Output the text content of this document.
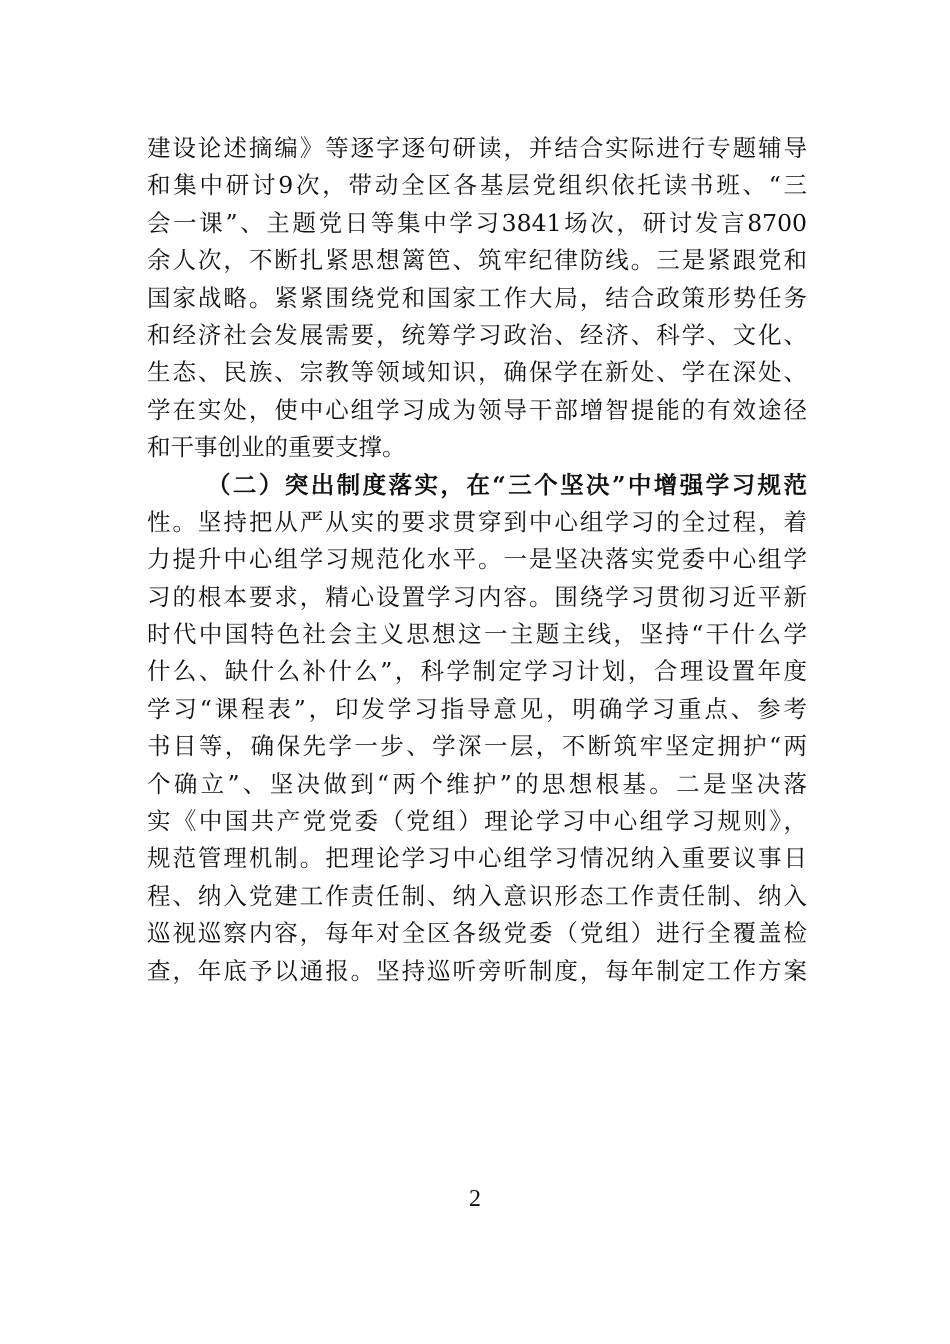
建设论述摘编》等逐字逐句研读，并结合实际进行专题辅导
和集中研讨9次，带动全区各基层党组织依托读书班、“三
会一课”、主题党日等集中学习3841场次，研讨发言8700
余人次，不断扎紧思想篱笆、筑牢纪律防线。三是紧跟党和
国家战略。紧紧围绕党和国家工作大局，结合政策形势任务
和经济社会发展需要，统筹学习政治、经济、科学、文化、
生态、民族、宗教等领域知识，确保学在新处、学在深处、
学在实处，使中心组学习成为领导干部增智提能的有效途径
和干事创业的重要支撑。
（二）突出制度落实，在“三个坚决”中增强学习规范
性。坚持把从严从实的要求贯穿到中心组学习的全过程，着
力提升中心组学习规范化水平。一是坚决落实党委中心组学
习的根本要求，精心设置学习内容。围绕学习贯彻习近平新
时代中国特色社会主义思想这一主题主线，坚持“干什么学
什么、缺什么补什么”，科学制定学习计划，合理设置年度
学习“课程表”，印发学习指导意见，明确学习重点、参考
书目等，确保先学一步、学深一层，不断筑牢坚定拥护“两
个确立”、坚决做到“两个维护”的思想根基。二是坚决落
实《中国共产党党委（党组）理论学习中心组学习规则》，
规范管理机制。把理论学习中心组学习情况纳入重要议事日
程、纳入党建工作责任制、纳入意识形态工作责任制、纳入
巡视巡察内容，每年对全区各级党委（党组）进行全覆盖检
查，年底予以通报。坚持巡听旁听制度，每年制定工作方案
2
